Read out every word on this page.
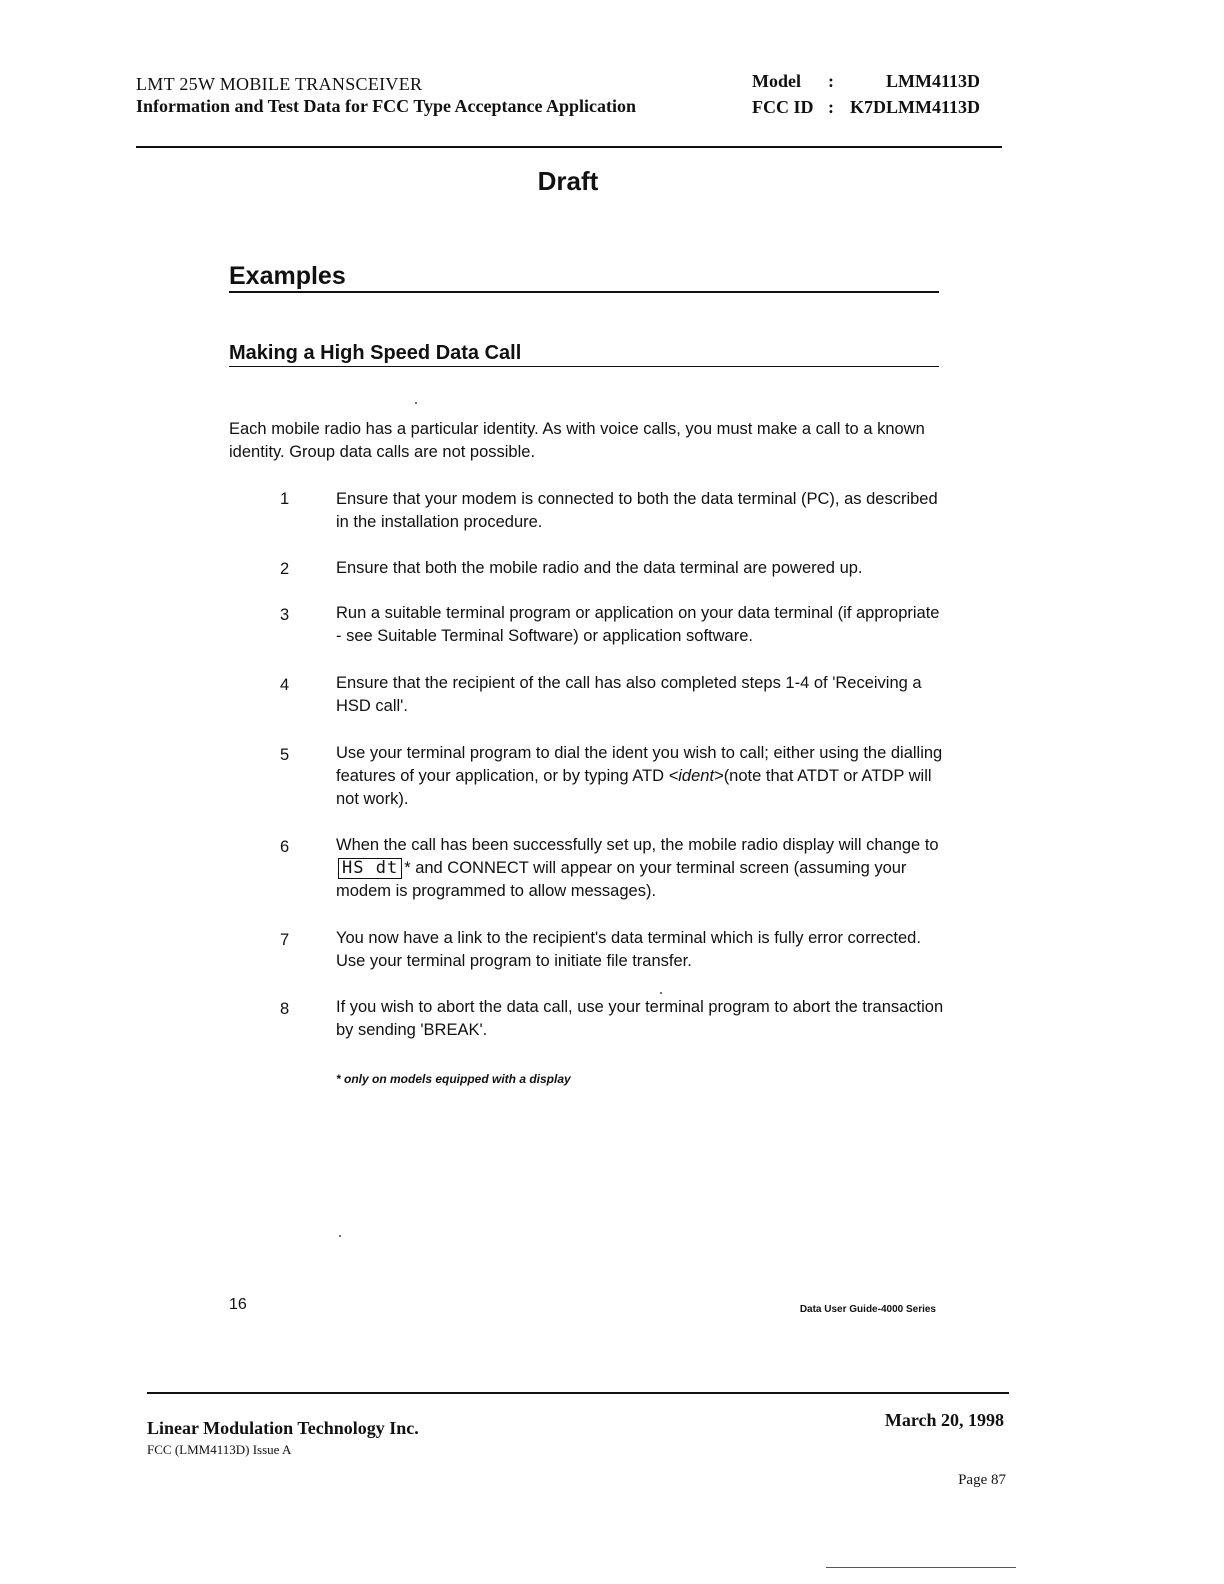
LMT 25W MOBILE TRANSCEIVER
Information and Test Data for FCC Type Acceptance Application
Model	:	LMM4113D
FCC ID : K7DLMM4113D
Draft
Examples
Making a High Speed Data Call
Each mobile radio has a particular identity. As with voice calls, you must make a call to a known identity. Group data calls are not possible.
1	Ensure that your modem is connected to both the data terminal (PC), as described in the installation procedure.
2	Ensure that both the mobile radio and the data terminal are powered up.
3	Run a suitable terminal program or application on your data terminal (if appropriate - see Suitable Terminal Software) or application software.
4	Ensure that the recipient of the call has also completed steps 1-4 of 'Receiving a HSD call'.
5	Use your terminal program to dial the ident you wish to call; either using the dialling features of your application, or by typing ATD <ident>(note that ATDT or ATDP will not work).
6	When the call has been successfully set up, the mobile radio display will change to HS dt * and CONNECT will appear on your terminal screen (assuming your modem is programmed to allow messages).
7	You now have a link to the recipient's data terminal which is fully error corrected. Use your terminal program to initiate file transfer.
8	If you wish to abort the data call, use your terminal program to abort the transaction by sending 'BREAK'.
* only on models equipped with a display
16	Data User Guide-4000 Series
Linear Modulation Technology Inc.
FCC (LMM4113D) Issue A
March 20, 1998
Page 87
